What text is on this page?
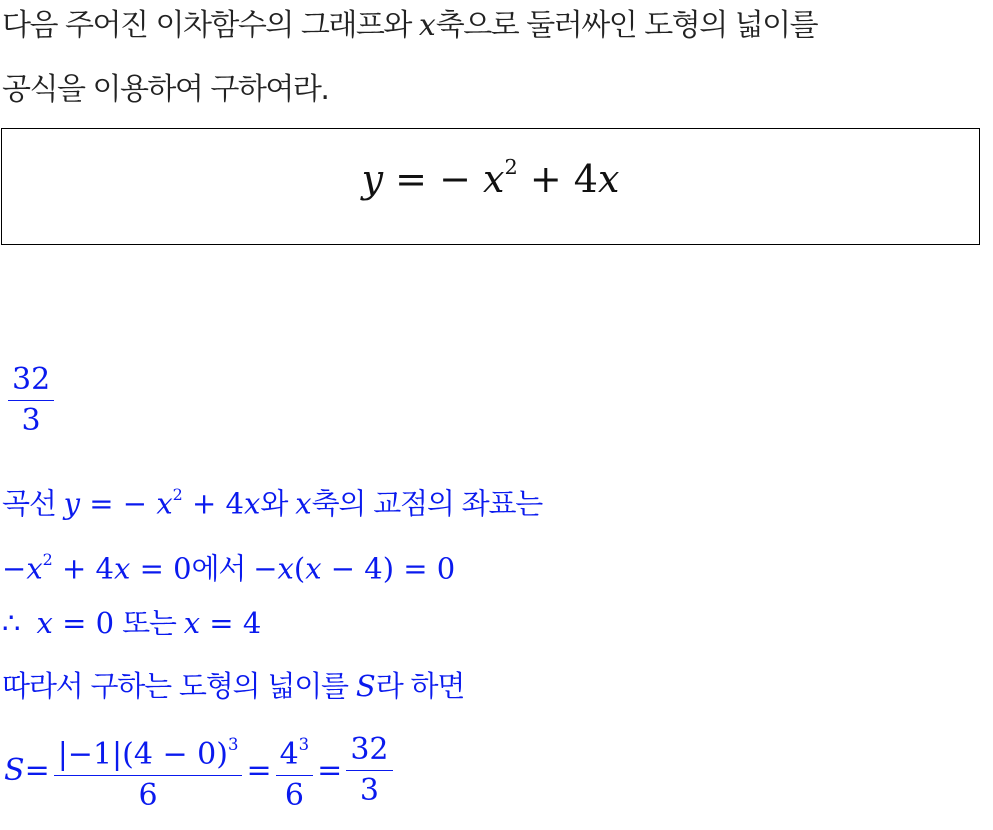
다음 주어진 이차함수의 그래프와 x축으로 둘러싸인 도형의 넓이를
공식을 이용하여 구하여라.
y = − $x^2 + 4x$
$\frac{32}{3}$
곡선 y = − $x^2 + 4x$와 x축의 교점의 좌표는
$-x^2 + 4x = 0$에서 −x(x − 4) = 0
∴ x = 0 또는 x = 4
따라서 구하는 도형의 넓이를 S라 하면
$S = \frac{|-1|(4 - 0)^3}{6} = \frac{4^3}{6} = \frac{32}{3}$
